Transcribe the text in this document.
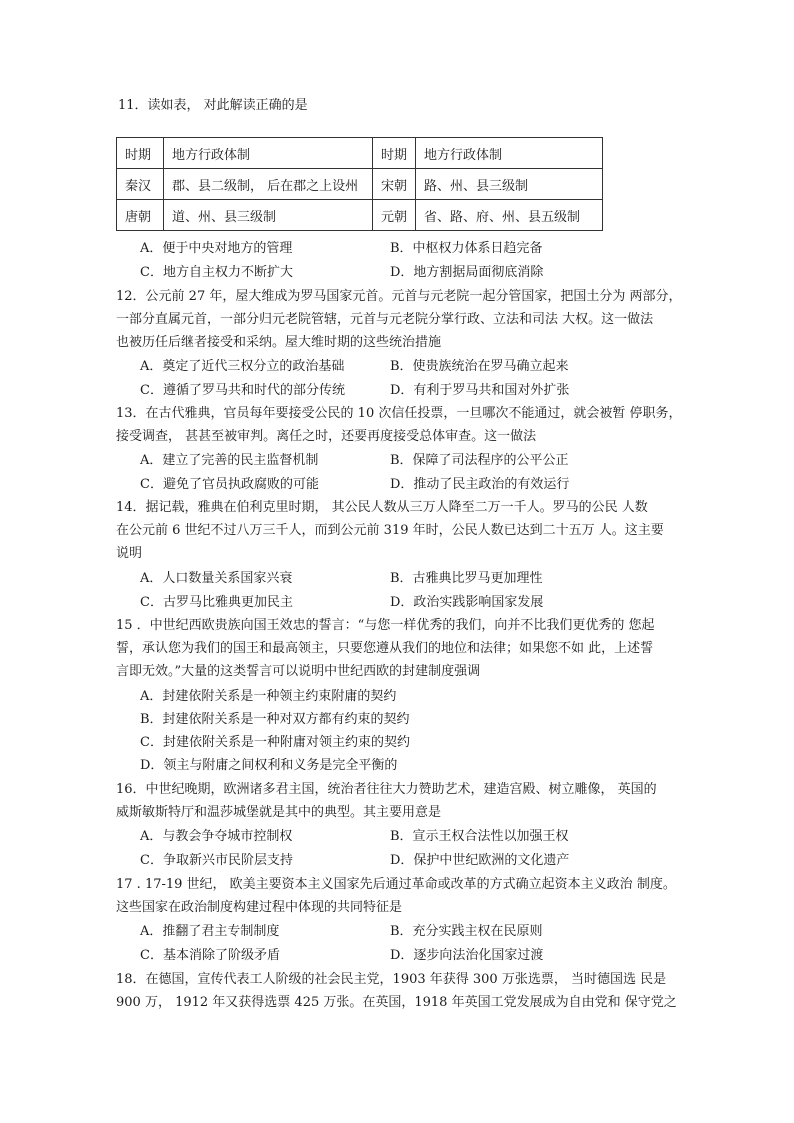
11．读如表， 对此解读正确的是
时期	地方行政体制	时期	地方行政体制
秦汉	郡、县二级制， 后在郡之上设州	宋朝	路、州、县三级制
唐朝	道、州、县三级制	元朝	省、路、府、州、县五级制
A．便于中央对地方的管理	B．中枢权力体系日趋完备
C．地方自主权力不断扩大	D．地方割据局面彻底消除
12．公元前 27 年，屋大维成为罗马国家元首。元首与元老院一起分管国家，把国土分为 两部分，
一部分直属元首，一部分归元老院管辖，元首与元老院分掌行政、立法和司法 大权。这一做法
也被历任后继者接受和采纳。屋大维时期的这些统治措施
A．奠定了近代三权分立的政治基础	B．使贵族统治在罗马确立起来
C．遵循了罗马共和时代的部分传统	D．有利于罗马共和国对外扩张
13．在古代雅典，官员每年要接受公民的 10 次信任投票，一旦哪次不能通过，就会被暂 停职务，
接受调查， 甚甚至被审判。离任之时，还要再度接受总体审查。这一做法
A．建立了完善的民主监督机制	B．保障了司法程序的公平公正
C．避免了官员执政腐败的可能	D．推动了民主政治的有效运行
14．据记载，雅典在伯利克里时期， 其公民人数从三万人降至二万一千人。罗马的公民 人数
在公元前 6 世纪不过八万三千人，而到公元前 319 年时，公民人数已达到二十五万 人。这主要
说明
A．人口数量关系国家兴衰	B．古雅典比罗马更加理性
C．古罗马比雅典更加民主	D．政治实践影响国家发展
15 ．中世纪西欧贵族向国王效忠的誓言：“与您一样优秀的我们，向并不比我们更优秀的 您起
誓，承认您为我们的国王和最高领主，只要您遵从我们的地位和法律；如果您不如 此，上述誓
言即无效。”大量的这类誓言可以说明中世纪西欧的封建制度强调
A．封建依附关系是一种领主约束附庸的契约
B．封建依附关系是一种对双方都有约束的契约
C．封建依附关系是一种附庸对领主约束的契约
D．领主与附庸之间权利和义务是完全平衡的
16．中世纪晚期，欧洲诸多君主国，统治者往往大力赞助艺术，建造宫殿、树立雕像， 英国的
威斯敏斯特厅和温莎城堡就是其中的典型。其主要用意是
A．与教会争夺城市控制权	B．宣示王权合法性以加强王权
C．争取新兴市民阶层支持	D．保护中世纪欧洲的文化遗产
17 . 17-19 世纪， 欧美主要资本主义国家先后通过革命或改革的方式确立起资本主义政治 制度。
这些国家在政治制度构建过程中体现的共同特征是
A．推翻了君主专制制度	B．充分实践主权在民原则
C．基本消除了阶级矛盾	D．逐步向法治化国家过渡
18．在德国，宣传代表工人阶级的社会民主党，1903 年获得 300 万张选票， 当时德国选 民是
900 万， 1912 年又获得选票 425 万张。在英国，1918 年英国工党发展成为自由党和 保守党之
